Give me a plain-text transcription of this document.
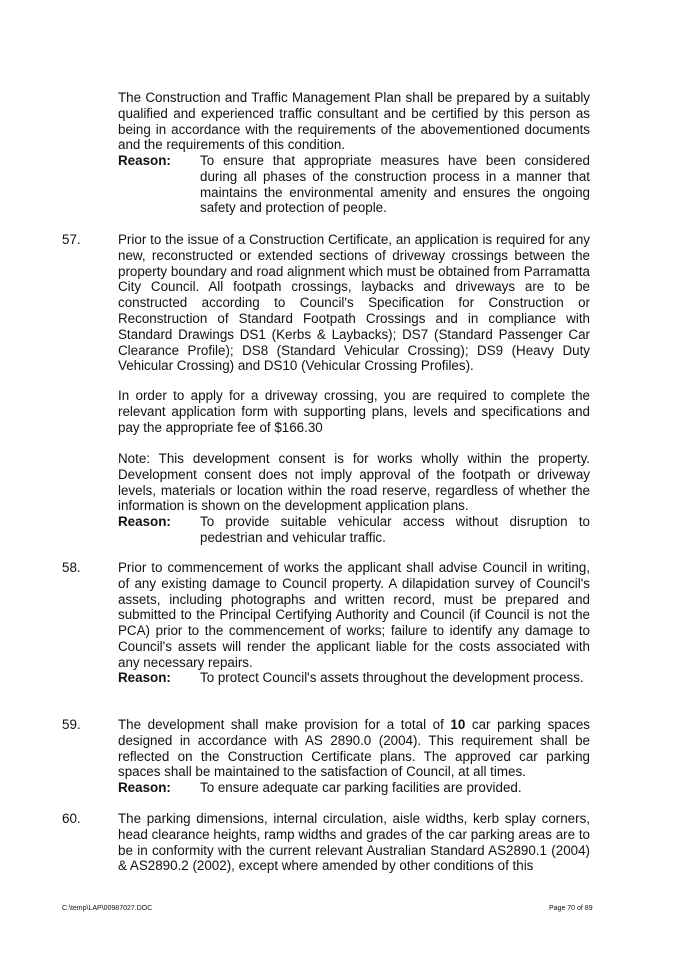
The Construction and Traffic Management Plan shall be prepared by a suitably qualified and experienced traffic consultant and be certified by this person as being in accordance with the requirements of the abovementioned documents and the requirements of this condition.

Reason: To ensure that appropriate measures have been considered during all phases of the construction process in a manner that maintains the environmental amenity and ensures the ongoing safety and protection of people.

57.	Prior to the issue of a Construction Certificate, an application is required for any new, reconstructed or extended sections of driveway crossings between the property boundary and road alignment which must be obtained from Parramatta City Council. All footpath crossings, laybacks and driveways are to be constructed according to Council's Specification for Construction or Reconstruction of Standard Footpath Crossings and in compliance with Standard Drawings DS1 (Kerbs & Laybacks); DS7 (Standard Passenger Car Clearance Profile); DS8 (Standard Vehicular Crossing); DS9 (Heavy Duty Vehicular Crossing) and DS10 (Vehicular Crossing Profiles).

In order to apply for a driveway crossing, you are required to complete the relevant application form with supporting plans, levels and specifications and pay the appropriate fee of $166.30

Note: This development consent is for works wholly within the property. Development consent does not imply approval of the footpath or driveway levels, materials or location within the road reserve, regardless of whether the information is shown on the development application plans.

Reason: To provide suitable vehicular access without disruption to pedestrian and vehicular traffic.

58.	Prior to commencement of works the applicant shall advise Council in writing, of any existing damage to Council property. A dilapidation survey of Council's assets, including photographs and written record, must be prepared and submitted to the Principal Certifying Authority and Council (if Council is not the PCA) prior to the commencement of works; failure to identify any damage to Council's assets will render the applicant liable for the costs associated with any necessary repairs.

Reason: To protect Council's assets throughout the development process.

59.	The development shall make provision for a total of 10 car parking spaces designed in accordance with AS 2890.0 (2004). This requirement shall be reflected on the Construction Certificate plans. The approved car parking spaces shall be maintained to the satisfaction of Council, at all times.

Reason: To ensure adequate car parking facilities are provided.

60.	The parking dimensions, internal circulation, aisle widths, kerb splay corners, head clearance heights, ramp widths and grades of the car parking areas are to be in conformity with the current relevant Australian Standard AS2890.1 (2004) & AS2890.2 (2002), except where amended by other conditions of this

C:\temp\LAP\00987027.DOC	Page 70 of 89
